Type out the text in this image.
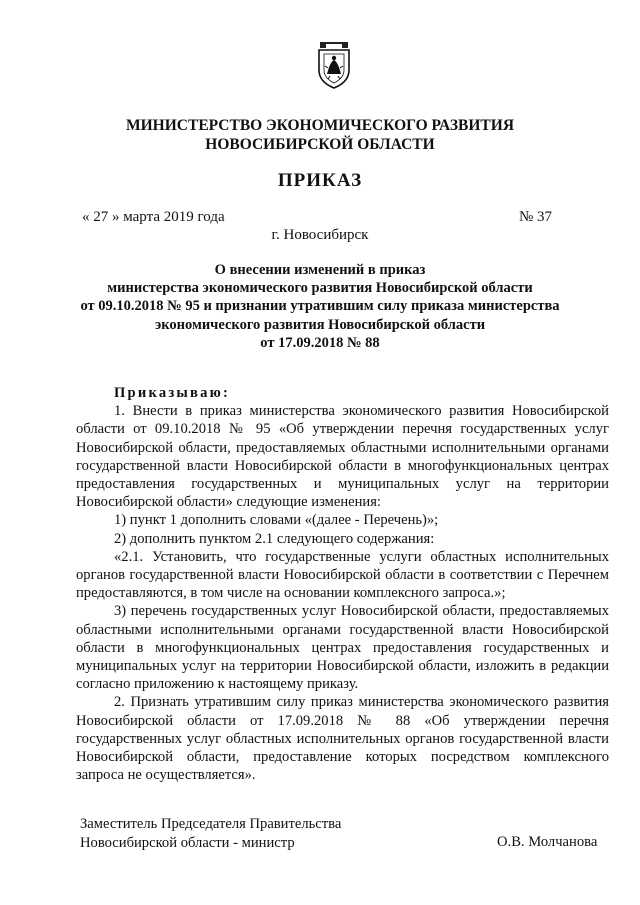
МИНИСТЕРСТВО ЭКОНОМИЧЕСКОГО РАЗВИТИЯ
НОВОСИБИРСКОЙ ОБЛАСТИ
ПРИКАЗ
« 27 » марта 2019 года	№ 37
г. Новосибирск
О внесении изменений в приказ
министерства экономического развития Новосибирской области
от 09.10.2018 № 95 и признании утратившим силу приказа министерства
экономического развития Новосибирской области
от 17.09.2018 № 88

Приказываю:

1. Внести в приказ министерства экономического развития Новосибирской области от 09.10.2018 № 95 «Об утверждении перечня государственных услуг Новосибирской области, предоставляемых областными исполнительными органами государственной власти Новосибирской области в многофункциональных центрах предоставления государственных и муниципальных услуг на территории Новосибирской области» следующие изменения:

1) пункт 1 дополнить словами «(далее - Перечень)»;

2) дополнить пунктом 2.1 следующего содержания:

«2.1. Установить, что государственные услуги областных исполнительных органов государственной власти Новосибирской области в соответствии с Перечнем предоставляются, в том числе на основании комплексного запроса.»;

3) перечень государственных услуг Новосибирской области, предоставляемых областными исполнительными органами государственной власти Новосибирской области в многофункциональных центрах предоставления государственных и муниципальных услуг на территории Новосибирской области, изложить в редакции согласно приложению к настоящему приказу.

2. Признать утратившим силу приказ министерства экономического развития Новосибирской области от 17.09.2018 № 88 «Об утверждении перечня государственных услуг областных исполнительных органов государственной власти Новосибирской области, предоставление которых посредством комплексного запроса не осуществляется».

Заместитель Председателя Правительства
Новосибирской области - министр	О.В. Молчанова
